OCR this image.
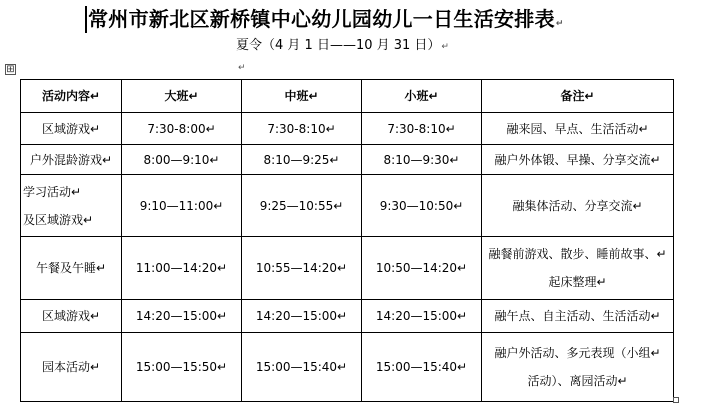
常州市新北区新桥镇中心幼儿园幼儿一日生活安排表↵
夏令（4 月 1 日——10 月 31 日）↵
↵
⊞
活动内容↵	大班↵	中班↵	小班↵	备注↵

区域游戏↵	7:30-8:00↵	7:30-8:10↵	7:30-8:10↵	融来园、早点、生活活动↵

户外混龄游戏↵	8:00—9:10↵	8:10—9:25↵	8:10—9:30↵	融户外体锻、早操、分享交流↵

学习活动↵
及区域游戏↵	9:10—11:00↵	9:25—10:55↵	9:30—10:50↵	融集体活动、分享交流↵

午餐及午睡↵	11:00—14:20↵	10:55—14:20↵	10:50—14:20↵	融餐前游戏、散步、睡前故事、↵
起床整理↵

区域游戏↵	14:20—15:00↵	14:20—15:00↵	14:20—15:00↵	融午点、自主活动、生活活动↵

园本活动↵	15:00—15:50↵	15:00—15:40↵	15:00—15:40↵	融户外活动、多元表现（小组↵
活动）、离园活动↵
